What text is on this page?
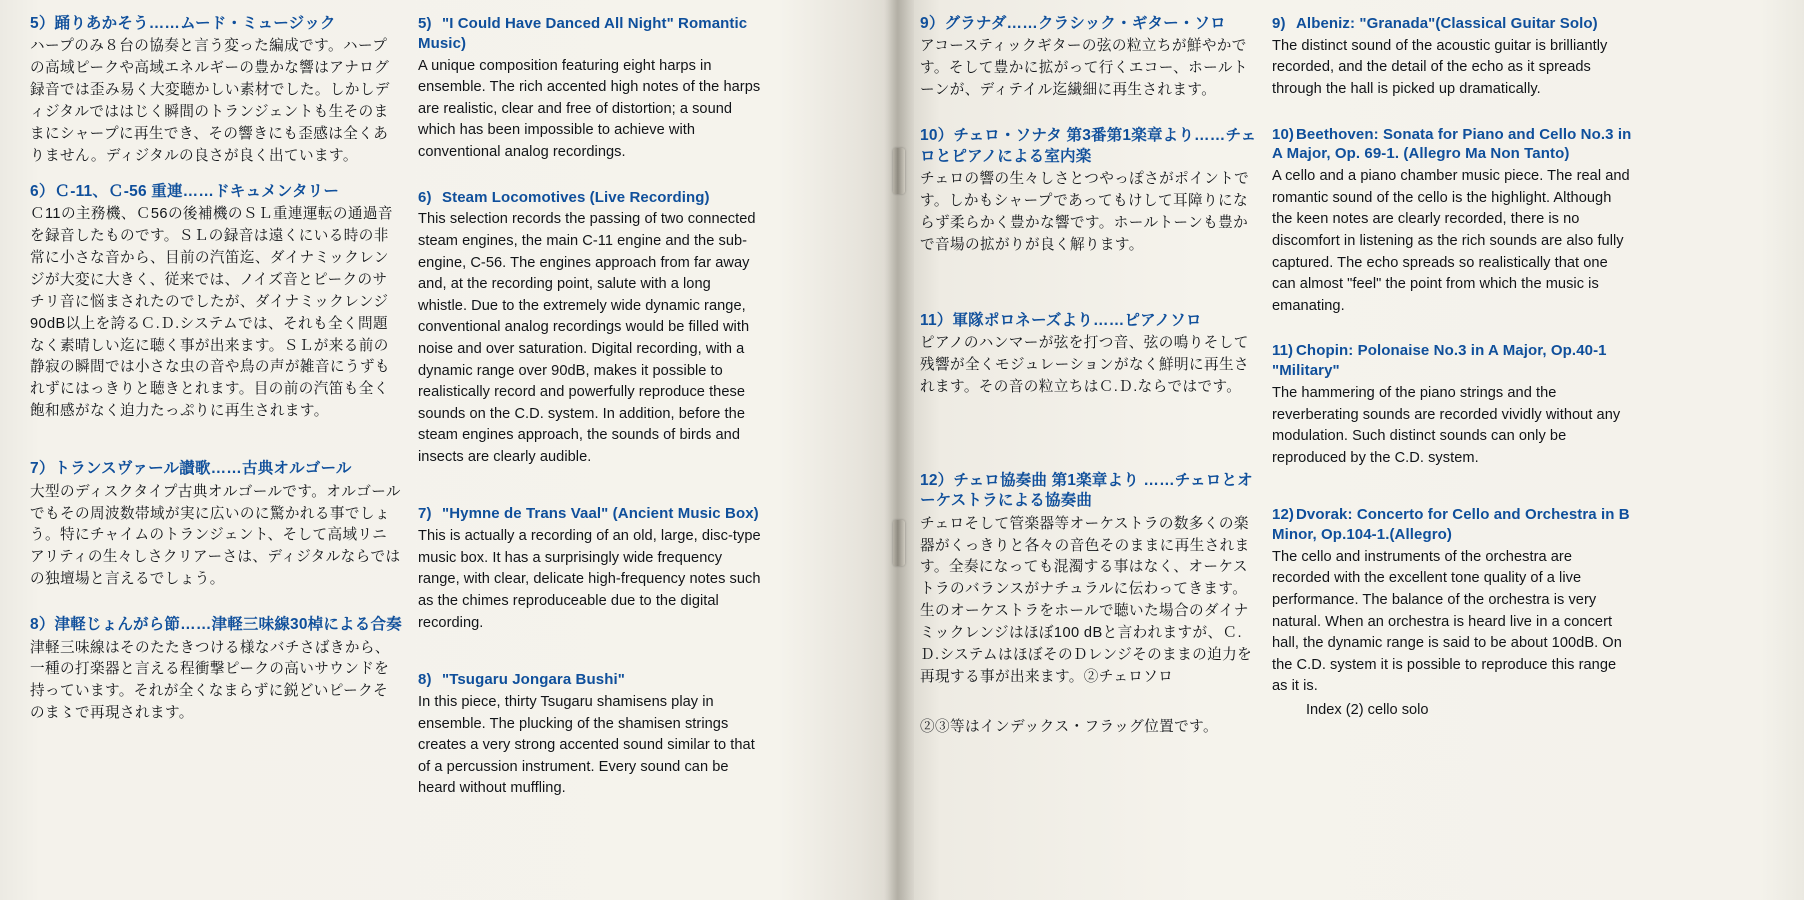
5）踊りあかそう……ムード・ミュージック
ハープのみ８台の協奏と言う変った編成です。ハープの高域ピークや高域エネルギーの豊かな響はアナログ録音では歪み易く大変聴かしい素材でした。しかしディジタルでははじく瞬間のトランジェントも生そのままにシャープに再生でき、その響きにも歪感は全くありません。ディジタルの良さが良く出ています。
6）Ｃ-11、Ｃ-56 重連……ドキュメンタリー
Ｃ11の主務機、Ｃ56の後補機のＳＬ重連運転の通過音を録音したものです。ＳＬの録音は遠くにいる時の非常に小さな音から、目前の汽笛迄、ダイナミックレンジが大変に大きく、従来では、ノイズ音とピークのサチリ音に悩まされたのでしたが、ダイナミックレンジ90dB以上を誇るＣ.Ｄ.システムでは、それも全く問題なく素晴しい迄に聴く事が出来ます。ＳＬが来る前の静寂の瞬間では小さな虫の音や鳥の声が雑音にうずもれずにはっきりと聴きとれます。目の前の汽笛も全く飽和感がなく迫力たっぷりに再生されます。
7）トランスヴァール讃歌……古典オルゴール
大型のディスクタイプ古典オルゴールです。オルゴールでもその周波数帯域が実に広いのに驚かれる事でしょう。特にチャイムのトランジェント、そして高域リニアリティの生々しさクリアーさは、ディジタルならではの独壇場と言えるでしょう。
8）津軽じょんがら節……津軽三味線30棹による合奏
津軽三味線はそのたたきつける様なバチさばきから、一種の打楽器と言える程衝撃ピークの高いサウンドを持っています。それが全くなまらずに鋭どいピークそのま〻で再現されます。
5) "I Could Have Danced All Night" Romantic Music)
A unique composition featuring eight harps in ensemble. The rich accented high notes of the harps are realistic, clear and free of distortion; a sound which has been impossible to achieve with conventional analog recordings.
6) Steam Locomotives (Live Recording)
This selection records the passing of two connected steam engines, the main C-11 engine and the sub-engine, C-56. The engines approach from far away and, at the recording point, salute with a long whistle. Due to the extremely wide dynamic range, conventional analog recordings would be filled with noise and over saturation. Digital recording, with a dynamic range over 90dB, makes it possible to realistically record and powerfully reproduce these sounds on the C.D. system. In addition, before the steam engines approach, the sounds of birds and insects are clearly audible.
7) "Hymne de Trans Vaal" (Ancient Music Box)
This is actually a recording of an old, large, disc-type music box. It has a surprisingly wide frequency range, with clear, delicate high-frequency notes such as the chimes reproduceable due to the digital recording.
8) "Tsugaru Jongara Bushi"
In this piece, thirty Tsugaru shamisens play in ensemble. The plucking of the shamisen strings creates a very strong accented sound similar to that of a percussion instrument. Every sound can be heard without muffling.
9）グラナダ……クラシック・ギター・ソロ
アコースティックギターの弦の粒立ちが鮮やかです。そして豊かに拡がって行くエコー、ホールトーンが、ディテイル迄繊細に再生されます。
10）チェロ・ソナタ 第3番第1楽章より……チェロとピアノによる室内楽
チェロの響の生々しさとつやっぽさがポイントです。しかもシャープであってもけして耳障りにならず柔らかく豊かな響です。ホールトーンも豊かで音場の拡がりが良く解ります。
11）軍隊ポロネーズより……ピアノソロ
ピアノのハンマーが弦を打つ音、弦の鳴りそして残響が全くモジュレーションがなく鮮明に再生されます。その音の粒立ちはＣ.Ｄ.ならではです。
12）チェロ協奏曲 第1楽章より ……チェロとオーケストラによる協奏曲
チェロそして管楽器等オーケストラの数多くの楽器がくっきりと各々の音色そのままに再生されます。全奏になっても混濁する事はなく、オーケストラのバランスがナチュラルに伝わってきます。生のオーケストラをホールで聴いた場合のダイナミックレンジはほぼ100 dBと言われますが、Ｃ.Ｄ.システムはほぼそのＤレンジそのままの迫力を再現する事が出来ます。②チェロソロ
9) Albeniz: "Granada"(Classical Guitar Solo)
The distinct sound of the acoustic guitar is brilliantly recorded, and the detail of the echo as it spreads through the hall is picked up dramatically.
10) Beethoven: Sonata for Piano and Cello No.3 in A Major, Op. 69-1. (Allegro Ma Non Tanto)
A cello and a piano chamber music piece. The real and romantic sound of the cello is the highlight. Although the keen notes are clearly recorded, there is no discomfort in listening as the rich sounds are also fully captured. The echo spreads so realistically that one can almost "feel" the point from which the music is emanating.
11) Chopin: Polonaise No.3 in A Major, Op.40-1 "Military"
The hammering of the piano strings and the reverberating sounds are recorded vividly without any modulation. Such distinct sounds can only be reproduced by the C.D. system.
12) Dvorak: Concerto for Cello and Orchestra in B Minor, Op.104-1.(Allegro)
The cello and instruments of the orchestra are recorded with the excellent tone quality of a live performance. The balance of the orchestra is very natural. When an orchestra is heard live in a concert hall, the dynamic range is said to be about 100dB. On the C.D. system it is possible to reproduce this range as it is.
Index (2) cello solo
②③等はインデックス・フラッグ位置です。
